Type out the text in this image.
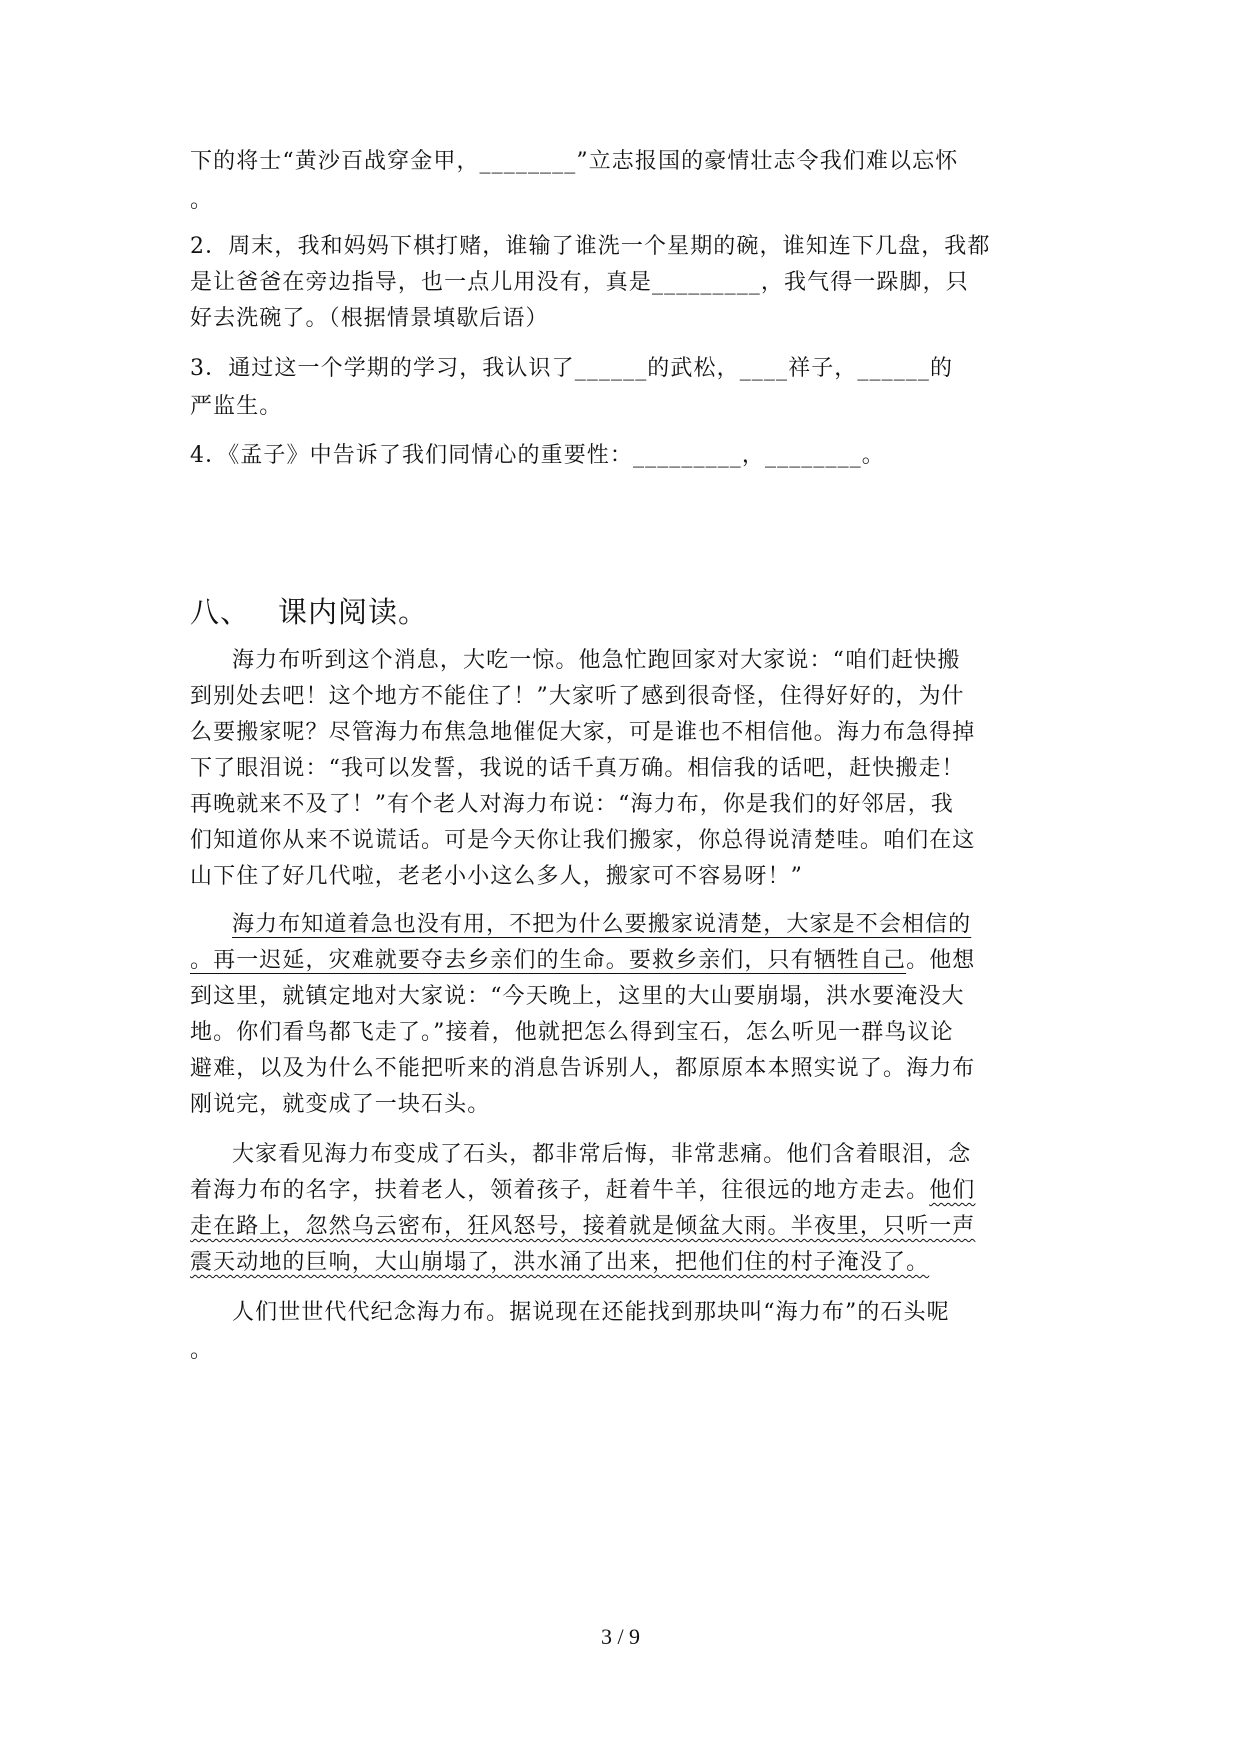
下的将士“黄沙百战穿金甲，________”立志报国的豪情壮志令我们难以忘怀
。
2．周末，我和妈妈下棋打赌，谁输了谁洗一个星期的碗，谁知连下几盘，我都
是让爸爸在旁边指导，也一点儿用没有，真是_________，我气得一跺脚，只
好去洗碗了。（根据情景填歇后语）
3．通过这一个学期的学习，我认识了______的武松，____祥子，______的
严监生。
4．《孟子》中告诉了我们同情心的重要性：_________，________。
八、 课内阅读。
海力布听到这个消息，大吃一惊。他急忙跑回家对大家说：“咱们赶快搬
到别处去吧！这个地方不能住了！”大家听了感到很奇怪，住得好好的，为什
么要搬家呢？尽管海力布焦急地催促大家，可是谁也不相信他。海力布急得掉
下了眼泪说：“我可以发誓，我说的话千真万确。相信我的话吧，赶快搬走！
再晚就来不及了！”有个老人对海力布说：“海力布，你是我们的好邻居，我
们知道你从来不说谎话。可是今天你让我们搬家，你总得说清楚哇。咱们在这
山下住了好几代啦，老老小小这么多人，搬家可不容易呀！”
海力布知道着急也没有用，不把为什么要搬家说清楚，大家是不会相信的
。再一迟延，灾难就要夺去乡亲们的生命。要救乡亲们，只有牺牲自己。他想
到这里，就镇定地对大家说：“今天晚上，这里的大山要崩塌，洪水要淹没大
地。你们看鸟都飞走了。”接着，他就把怎么得到宝石，怎么听见一群鸟议论
避难，以及为什么不能把听来的消息告诉别人，都原原本本照实说了。海力布
刚说完，就变成了一块石头。
大家看见海力布变成了石头，都非常后悔，非常悲痛。他们含着眼泪，念
着海力布的名字，扶着老人，领着孩子，赶着牛羊，往很远的地方走去。他们
走在路上，忽然乌云密布，狂风怒号，接着就是倾盆大雨。半夜里，只听一声
震天动地的巨响，大山崩塌了，洪水涌了出来，把他们住的村子淹没了。
人们世世代代纪念海力布。据说现在还能找到那块叫“海力布”的石头呢
。
3 / 9
